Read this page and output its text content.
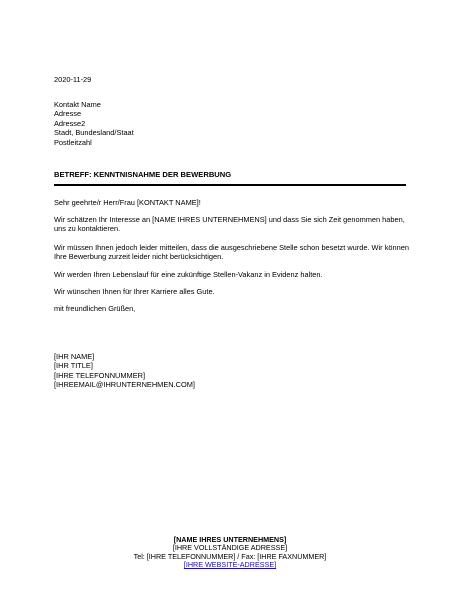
2020-11-29

Kontakt Name
Adresse
Adresse2
Stadt, Bundesland/Staat
Postleitzahl

BETREFF: KENNTNISNAHME DER BEWERBUNG

Sehr geehrte/r Herr/Frau [KONTAKT NAME]!

Wir schätzen Ihr Interesse an [NAME IHRES UNTERNEHMENS] und dass Sie sich Zeit genommen haben, uns zu kontaktieren.

Wir müssen Ihnen jedoch leider mitteilen, dass die ausgeschriebene Stelle schon besetzt wurde. Wir können Ihre Bewerbung zurzeit leider nicht berücksichtigen.

Wir werden Ihren Lebenslauf für eine zukünftige Stellen-Vakanz in Evidenz halten.

Wir wünschen Ihnen für Ihrer Karriere alles Gute.

mit freundlichen Grüßen,

[IHR NAME]
[IHR TITLE]
[IHRE TELEFONNUMMER]
[IHREEMAIL@IHRUNTERNEHMEN.COM]
[NAME IHRES UNTERNEHMENS]
[IHRE VOLLSTÄNDIGE ADRESSE]
Tel: [IHRE TELEFONNUMMER] / Fax: [IHRE FAXNUMMER]
[IHRE WEBSITE-ADRESSE]
